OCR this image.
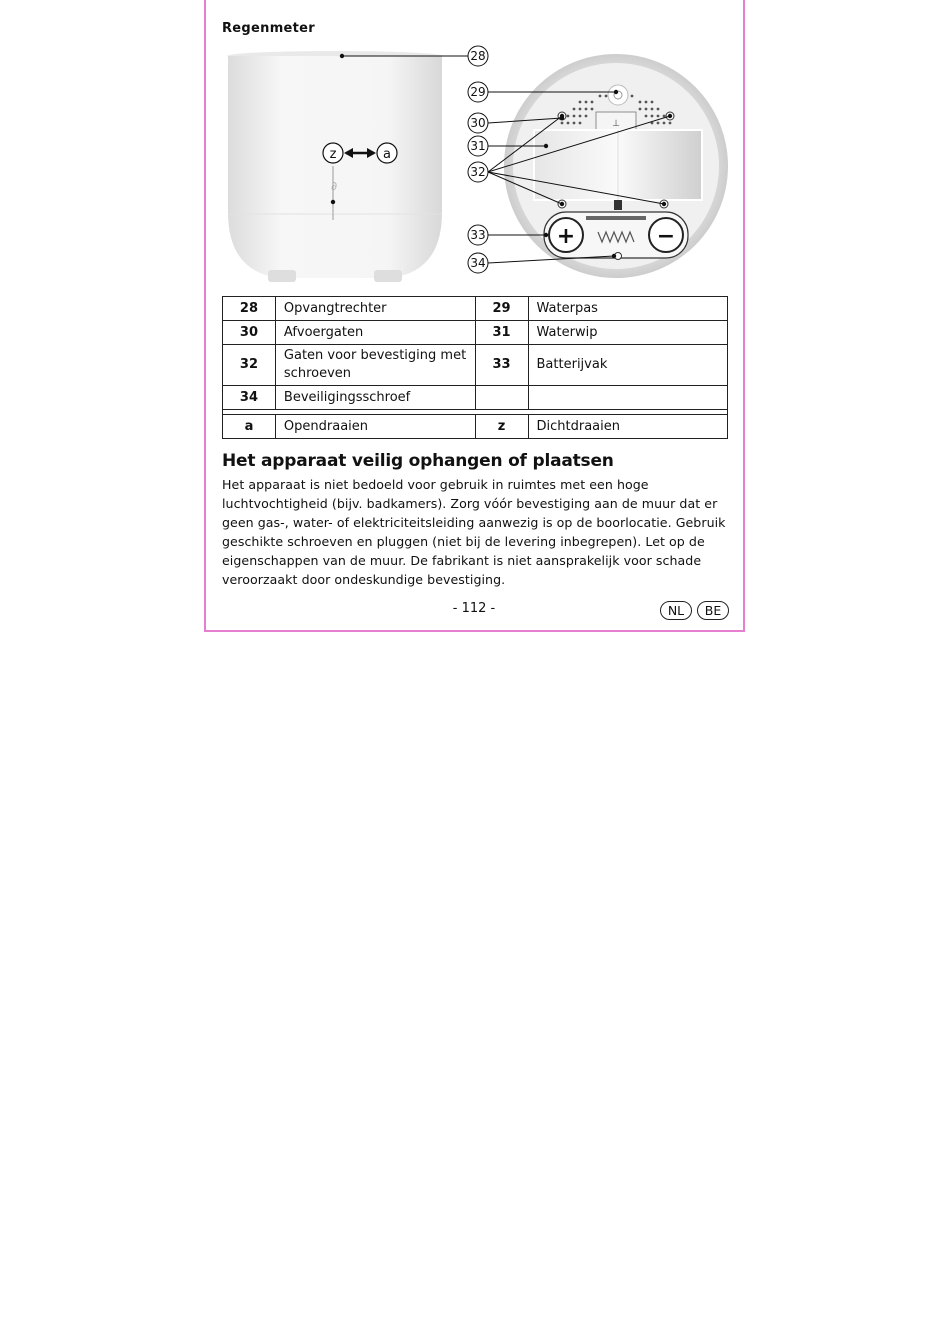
Regenmeter
∂
z	a
⊥
+	−
28
29
30
31
32
33
34
28	Opvangtrechter	29	Waterpas
30	Afvoergaten	31	Waterwip
32	Gaten voor bevestiging met schroeven	33	Batterijvak
34	Beveiligingsschroef		

a	Opendraaien	z	Dichtdraaien
Het apparaat veilig ophangen of plaatsen
Het apparaat is niet bedoeld voor gebruik in ruimtes met een hoge
luchtvochtigheid (bijv. badkamers). Zorg vóór bevestiging aan de muur dat er
geen gas-, water- of elektriciteitsleiding aanwezig is op de boorlocatie. Gebruik
geschikte schroeven en pluggen (niet bij de levering inbegrepen). Let op de
eigenschappen van de muur. De fabrikant is niet aansprakelijk voor schade
veroorzaakt door ondeskundige bevestiging.
- 112 -	NL	BE
